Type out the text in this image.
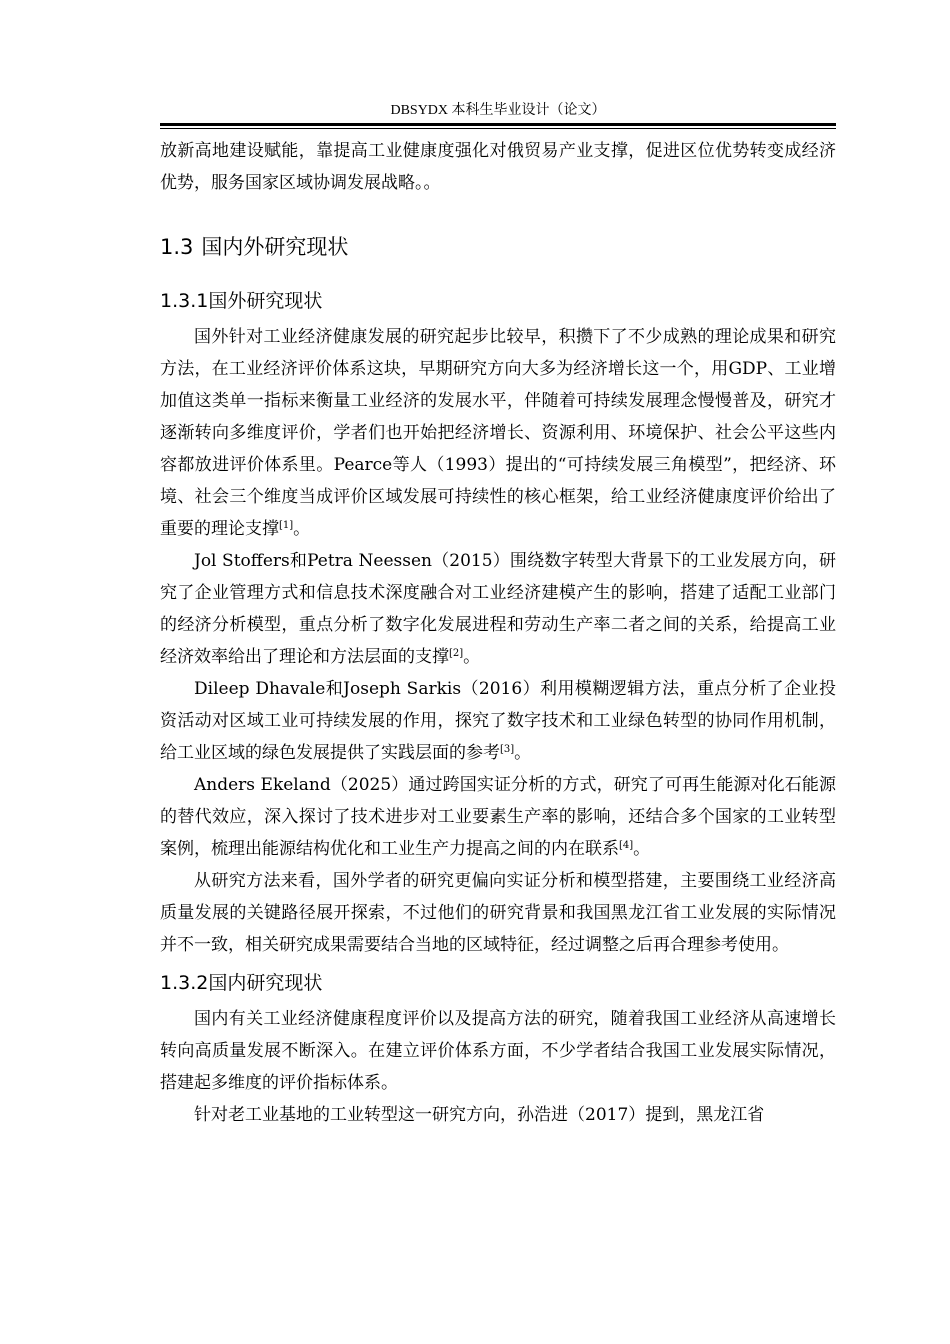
DBSYDX 本科生毕业设计（论文）

放新高地建设赋能，靠提高工业健康度强化对俄贸易产业支撑，促进区位优势转变成经济优势，服务国家区域协调发展战略。。

1.3 国内外研究现状
1.3.1国外研究现状

国外针对工业经济健康发展的研究起步比较早，积攒下了不少成熟的理论成果和研究方法，在工业经济评价体系这块，早期研究方向大多为经济增长这一个，用GDP、工业增加值这类单一指标来衡量工业经济的发展水平，伴随着可持续发展理念慢慢普及，研究才逐渐转向多维度评价，学者们也开始把经济增长、资源利用、环境保护、社会公平这些内容都放进评价体系里。Pearce等人（1993）提出的“可持续发展三角模型”，把经济、环境、社会三个维度当成评价区域发展可持续性的核心框架，给工业经济健康度评价给出了重要的理论支撑[1]。

Jol Stoffers和Petra Neessen（2015）围绕数字转型大背景下的工业发展方向，研究了企业管理方式和信息技术深度融合对工业经济建模产生的影响，搭建了适配工业部门的经济分析模型，重点分析了数字化发展进程和劳动生产率二者之间的关系，给提高工业经济效率给出了理论和方法层面的支撑[2]。

Dileep Dhavale和Joseph Sarkis（2016）利用模糊逻辑方法，重点分析了企业投资活动对区域工业可持续发展的作用，探究了数字技术和工业绿色转型的协同作用机制，给工业区域的绿色发展提供了实践层面的参考[3]。

Anders Ekeland（2025）通过跨国实证分析的方式，研究了可再生能源对化石能源的替代效应，深入探讨了技术进步对工业要素生产率的影响，还结合多个国家的工业转型案例，梳理出能源结构优化和工业生产力提高之间的内在联系[4]。

从研究方法来看，国外学者的研究更偏向实证分析和模型搭建，主要围绕工业经济高质量发展的关键路径展开探索，不过他们的研究背景和我国黑龙江省工业发展的实际情况并不一致，相关研究成果需要结合当地的区域特征，经过调整之后再合理参考使用。

1.3.2国内研究现状

国内有关工业经济健康程度评价以及提高方法的研究，随着我国工业经济从高速增长转向高质量发展不断深入。在建立评价体系方面，不少学者结合我国工业发展实际情况，搭建起多维度的评价指标体系。

针对老工业基地的工业转型这一研究方向，孙浩进（2017）提到，黑龙江省
